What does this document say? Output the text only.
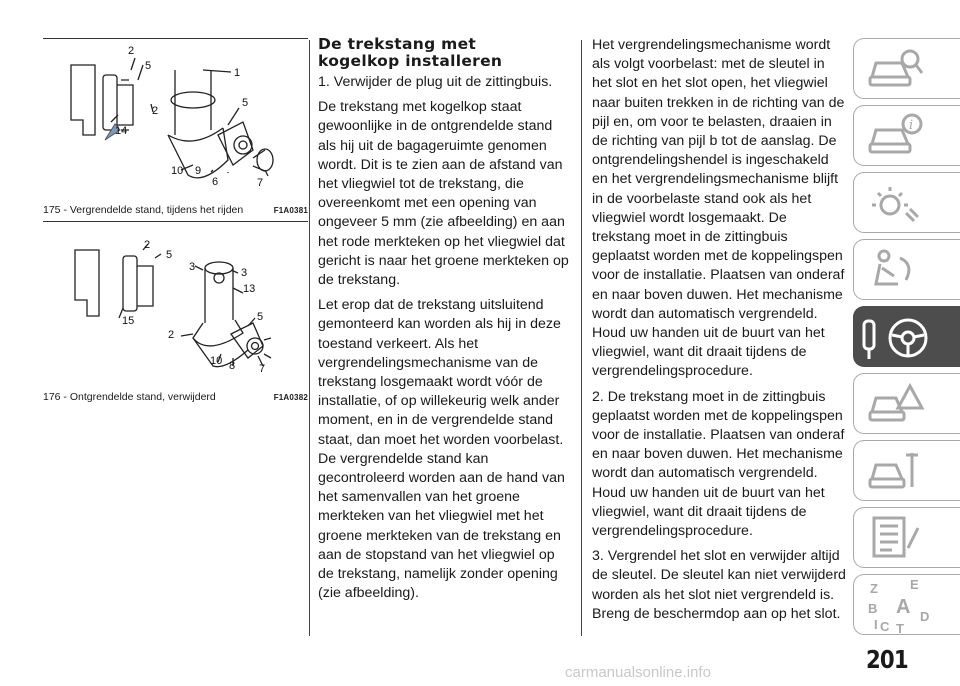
2
5
1
2
5
14
10 9
6	7
175 - Vergrendelde stand, tijdens het rijden	F1A0381
2
5
3	3
13
15	5
2
10 8 7
176 - Ontgrendelde stand, verwijderd	F1A0382
De trekstang met
kogelkop installeren

1. Verwijder de plug uit de zittingbuis.

De trekstang met kogelkop staat gewoonlijke in de ontgrendelde stand als hij uit de bagageruimte genomen wordt. Dit is te zien aan de afstand van het vliegwiel tot de trekstang, die overeenkomt met een opening van ongeveer 5 mm (zie afbeelding) en aan het rode merkteken op het vliegwiel dat gericht is naar het groene merkteken op de trekstang.

Let erop dat de trekstang uitsluitend gemonteerd kan worden als hij in deze toestand verkeert. Als het vergrendelingsmechanisme van de trekstang losgemaakt wordt vóór de installatie, of op willekeurig welk ander moment, en in de vergrendelde stand staat, dan moet het worden voorbelast. De vergrendelde stand kan gecontroleerd worden aan de hand van het samenvallen van het groene merkteken van het vliegwiel met het groene merkteken van de trekstang en aan de stopstand van het vliegwiel op de trekstang, namelijk zonder opening (zie afbeelding).

Het vergrendelingsmechanisme wordt als volgt voorbelast: met de sleutel in het slot en het slot open, het vliegwiel naar buiten trekken in de richting van de pijl en, om voor te belasten, draaien in de richting van pijl b tot de aanslag. De ontgrendelingshendel is ingeschakeld en het vergrendelingsmechanisme blijft in de voorbelaste stand ook als het vliegwiel wordt losgemaakt. De trekstang moet in de zittingbuis geplaatst worden met de koppelingspen voor de installatie. Plaatsen van onderaf en naar boven duwen. Het mechanisme wordt dan automatisch vergrendeld. Houd uw handen uit de buurt van het vliegwiel, want dit draait tijdens de vergrendelingsprocedure.

2. De trekstang moet in de zittingbuis geplaatst worden met de koppelingspen voor de installatie. Plaatsen van onderaf en naar boven duwen. Het mechanisme wordt dan automatisch vergrendeld. Houd uw handen uit de buurt van het vliegwiel, want dit draait tijdens de vergrendelingsprocedure.

3. Vergrendel het slot en verwijder altijd de sleutel. De sleutel kan niet verwijderd worden als het slot niet vergrendeld is. Breng de beschermdop aan op het slot.

i
Z E
B A
C T
D
I
201
carmanualsonline.info
